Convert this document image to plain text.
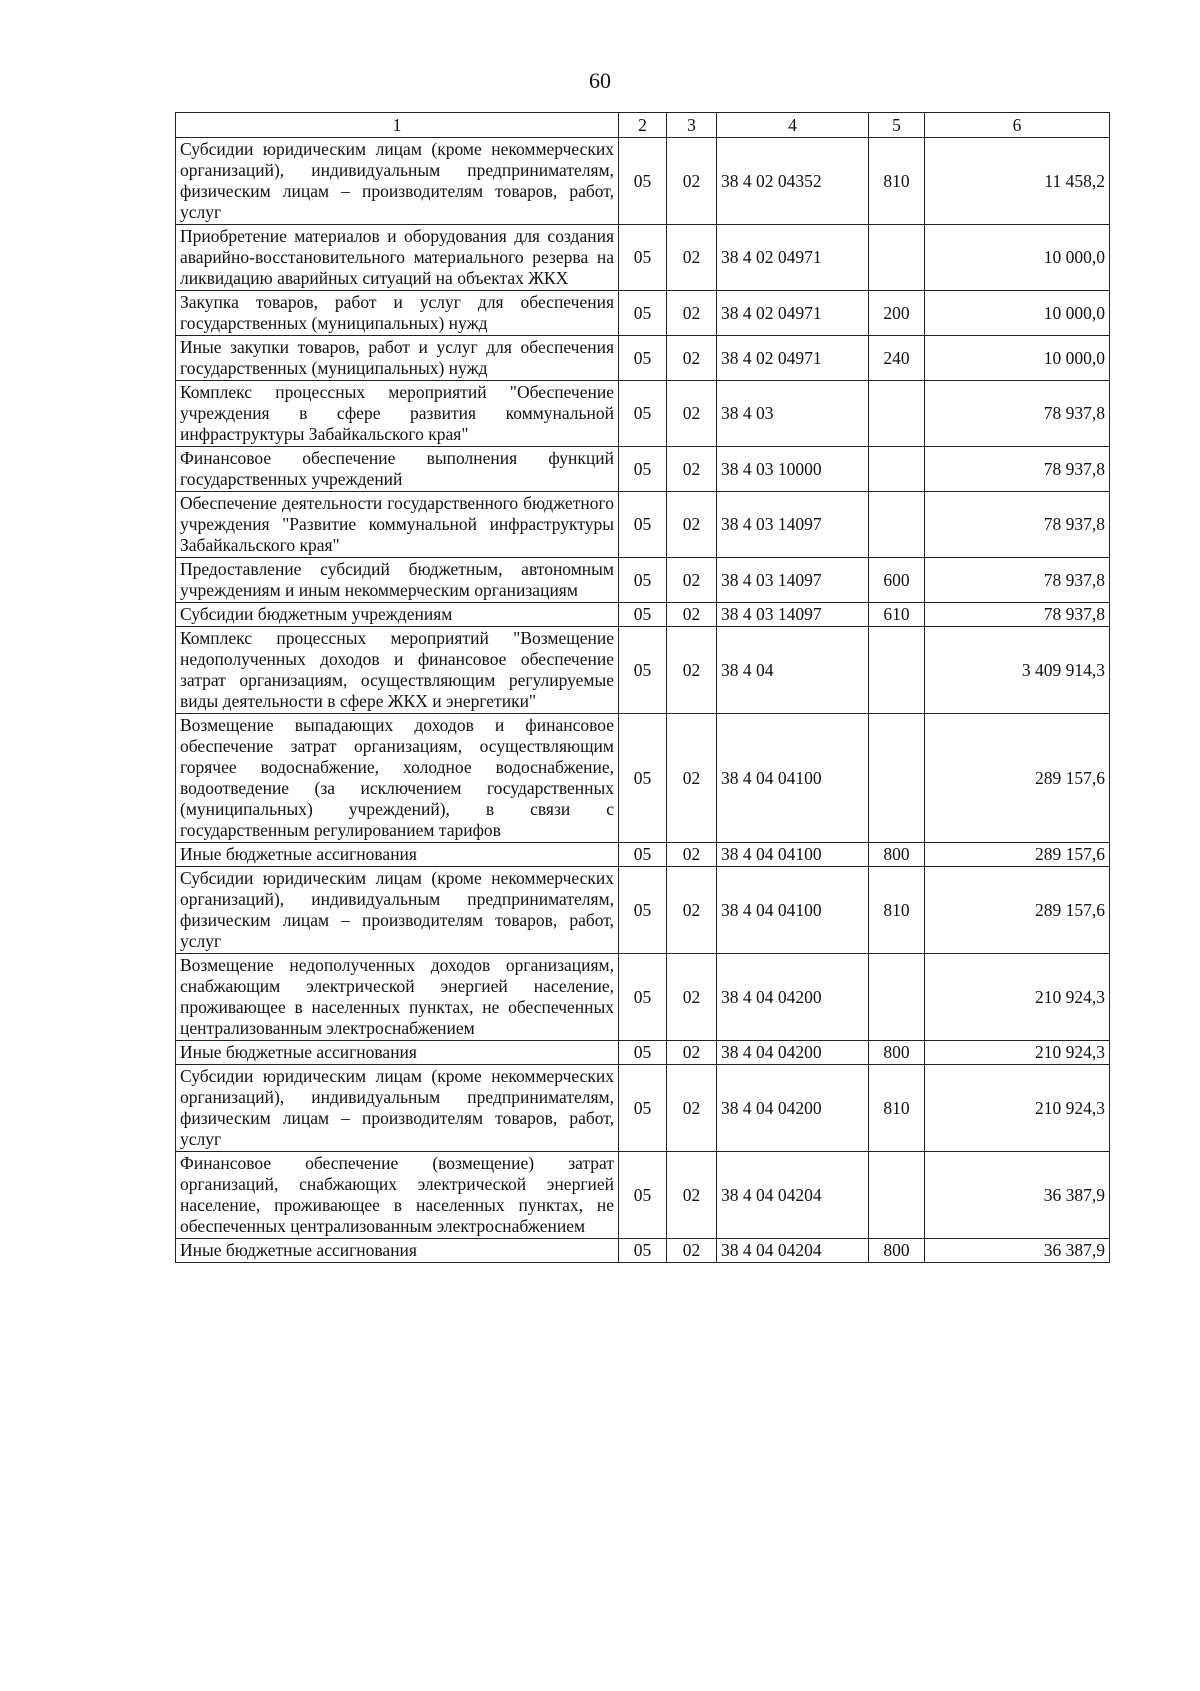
60
1	2	3	4	5	6
Субсидии юридическим лицам (кроме некоммерческих организаций), индивидуальным предпринимателям, физическим лицам – производителям товаров, работ, услуг	05	02	38 4 02 04352	810	11 458,2
Приобретение материалов и оборудования для создания аварийно-восстановительного материального резерва на ликвидацию аварийных ситуаций на объектах ЖКХ	05	02	38 4 02 04971		10 000,0
Закупка товаров, работ и услуг для обеспечения государственных (муниципальных) нужд	05	02	38 4 02 04971	200	10 000,0
Иные закупки товаров, работ и услуг для обеспечения государственных (муниципальных) нужд	05	02	38 4 02 04971	240	10 000,0
Комплекс процессных мероприятий "Обеспечение учреждения в сфере развития коммунальной инфраструктуры Забайкальского края"	05	02	38 4 03		78 937,8
Финансовое обеспечение выполнения функций государственных учреждений	05	02	38 4 03 10000		78 937,8
Обеспечение деятельности государственного бюджетного учреждения "Развитие коммунальной инфраструктуры Забайкальского края"	05	02	38 4 03 14097		78 937,8
Предоставление субсидий бюджетным, автономным учреждениям и иным некоммерческим организациям	05	02	38 4 03 14097	600	78 937,8
Субсидии бюджетным учреждениям	05	02	38 4 03 14097	610	78 937,8
Комплекс процессных мероприятий "Возмещение недополученных доходов и финансовое обеспечение затрат организациям, осуществляющим регулируемые виды деятельности в сфере ЖКХ и энергетики"	05	02	38 4 04		3 409 914,3
Возмещение выпадающих доходов и финансовое обеспечение затрат организациям, осуществляющим горячее водоснабжение, холодное водоснабжение, водоотведение (за исключением государственных (муниципальных) учреждений), в связи с государственным регулированием тарифов	05	02	38 4 04 04100		289 157,6
Иные бюджетные ассигнования	05	02	38 4 04 04100	800	289 157,6
Субсидии юридическим лицам (кроме некоммерческих организаций), индивидуальным предпринимателям, физическим лицам – производителям товаров, работ, услуг	05	02	38 4 04 04100	810	289 157,6
Возмещение недополученных доходов организациям, снабжающим электрической энергией население, проживающее в населенных пунктах, не обеспеченных централизованным электроснабжением	05	02	38 4 04 04200		210 924,3
Иные бюджетные ассигнования	05	02	38 4 04 04200	800	210 924,3
Субсидии юридическим лицам (кроме некоммерческих организаций), индивидуальным предпринимателям, физическим лицам – производителям товаров, работ, услуг	05	02	38 4 04 04200	810	210 924,3
Финансовое обеспечение (возмещение) затрат организаций, снабжающих электрической энергией население, проживающее в населенных пунктах, не обеспеченных централизованным электроснабжением	05	02	38 4 04 04204		36 387,9
Иные бюджетные ассигнования	05	02	38 4 04 04204	800	36 387,9
